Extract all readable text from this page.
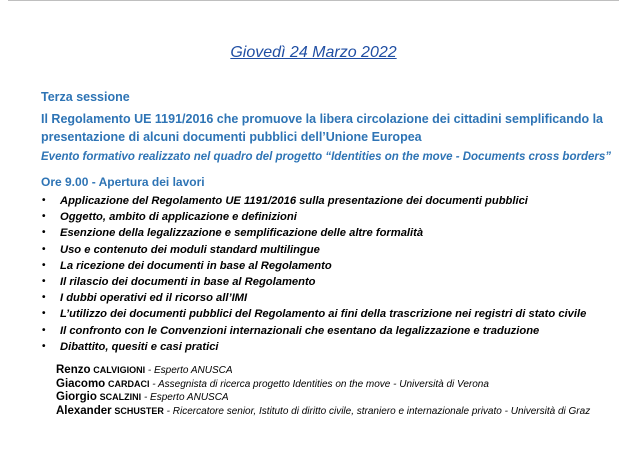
Giovedì 24 Marzo 2022
Terza sessione
Il Regolamento UE 1191/2016 che promuove la libera circolazione dei cittadini semplificando la presentazione di alcuni documenti pubblici dell’Unione Europea
Evento formativo realizzato nel quadro del progetto “Identities on the move - Documents cross borders”
Ore 9.00 - Apertura dei lavori
• Applicazione del Regolamento UE 1191/2016 sulla presentazione dei documenti pubblici
• Oggetto, ambito di applicazione e definizioni
• Esenzione della legalizzazione e semplificazione delle altre formalità
• Uso e contenuto dei moduli standard multilingue
• La ricezione dei documenti in base al Regolamento
• Il rilascio dei documenti in base al Regolamento
• I dubbi operativi ed il ricorso all’IMI
• L’utilizzo dei documenti pubblici del Regolamento ai fini della trascrizione nei registri di stato civile
• Il confronto con le Convenzioni internazionali che esentano da legalizzazione e traduzione
• Dibattito, quesiti e casi pratici
Renzo CALVIGIONI - Esperto ANUSCA
Giacomo CARDACI - Assegnista di ricerca progetto Identities on the move - Università di Verona
Giorgio SCALZINI - Esperto ANUSCA
Alexander SCHUSTER - Ricercatore senior, Istituto di diritto civile, straniero e internazionale privato - Università di Graz
